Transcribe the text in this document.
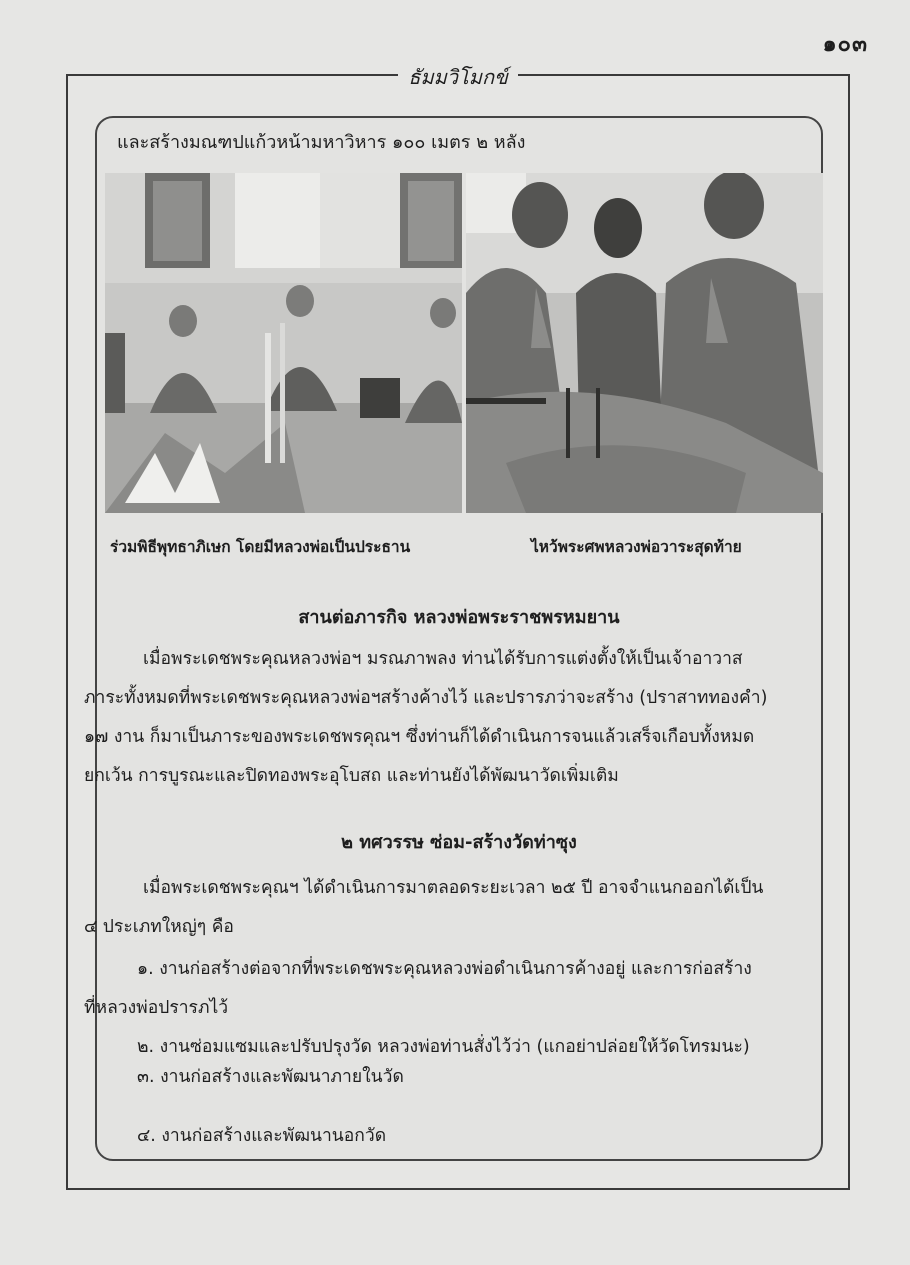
๑๐๓
ธัมมวิโมกข์
และสร้างมณฑปแก้วหน้ามหาวิหาร ๑๐๐ เมตร ๒ หลัง
ร่วมพิธีพุทธาภิเษก โดยมีหลวงพ่อเป็นประธาน	ไหว้พระศพหลวงพ่อวาระสุดท้าย
สานต่อภารกิจ หลวงพ่อพระราชพรหมยาน
เมื่อพระเดชพระคุณหลวงพ่อฯ มรณภาพลง ท่านได้รับการแต่งตั้งให้เป็นเจ้าอาวาส
ภาระทั้งหมดที่พระเดชพระคุณหลวงพ่อฯสร้างค้างไว้ และปรารภว่าจะสร้าง (ปราสาททองคำ)
๑๗ งาน ก็มาเป็นภาระของพระเดชพรคุณฯ ซึ่งท่านก็ได้ดำเนินการจนแล้วเสร็จเกือบทั้งหมด
ยกเว้น การบูรณะและปิดทองพระอุโบสถ และท่านยังได้พัฒนาวัดเพิ่มเติม
๒ ทศวรรษ ซ่อม-สร้างวัดท่าซุง
เมื่อพระเดชพระคุณฯ ได้ดำเนินการมาตลอดระยะเวลา ๒๕ ปี อาจจำแนกออกได้เป็น
๔ ประเภทใหญ่ๆ คือ
๑. งานก่อสร้างต่อจากที่พระเดชพระคุณหลวงพ่อดำเนินการค้างอยู่ และการก่อสร้าง
ที่หลวงพ่อปรารภไว้
๒. งานซ่อมแซมและปรับปรุงวัด หลวงพ่อท่านสั่งไว้ว่า (แกอย่าปล่อยให้วัดโทรมนะ)
๓. งานก่อสร้างและพัฒนาภายในวัด
๔. งานก่อสร้างและพัฒนานอกวัด
